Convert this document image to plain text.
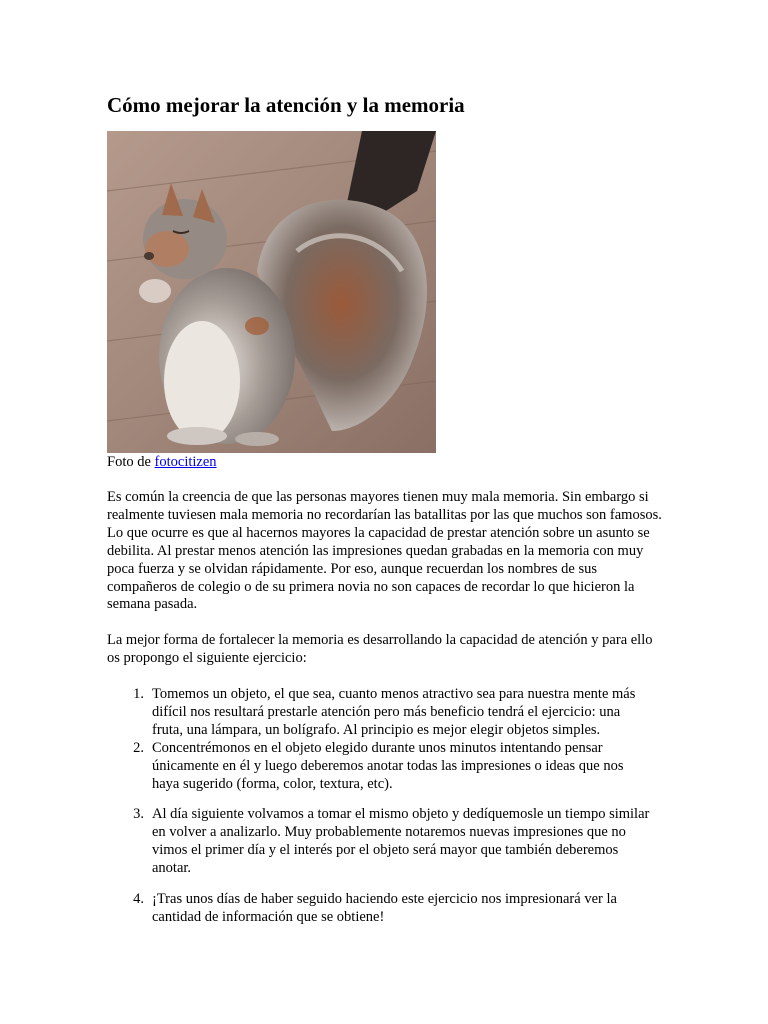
Cómo mejorar la atención y la memoria
Foto de fotocitizen

Es común la creencia de que las personas mayores tienen muy mala memoria. Sin embargo si realmente tuviesen mala memoria no recordarían las batallitas por las que muchos son famosos. Lo que ocurre es que al hacernos mayores la capacidad de prestar atención sobre un asunto se debilita. Al prestar menos atención las impresiones quedan grabadas en la memoria con muy poca fuerza y se olvidan rápidamente. Por eso, aunque recuerdan los nombres de sus compañeros de colegio o de su primera novia no son capaces de recordar lo que hicieron la semana pasada.

La mejor forma de fortalecer la memoria es desarrollando la capacidad de atención y para ello os propongo el siguiente ejercicio:

1. Tomemos un objeto, el que sea, cuanto menos atractivo sea para nuestra mente más difícil nos resultará prestarle atención pero más beneficio tendrá el ejercicio: una fruta, una lámpara, un bolígrafo. Al principio es mejor elegir objetos simples.
2. Concentrémonos en el objeto elegido durante unos minutos intentando pensar únicamente en él y luego deberemos anotar todas las impresiones o ideas que nos haya sugerido (forma, color, textura, etc).
3. Al día siguiente volvamos a tomar el mismo objeto y dedíquemosle un tiempo similar en volver a analizarlo. Muy probablemente notaremos nuevas impresiones que no vimos el primer día y el interés por el objeto será mayor que también deberemos anotar.
4. ¡Tras unos días de haber seguido haciendo este ejercicio nos impresionará ver la cantidad de información que se obtiene!
